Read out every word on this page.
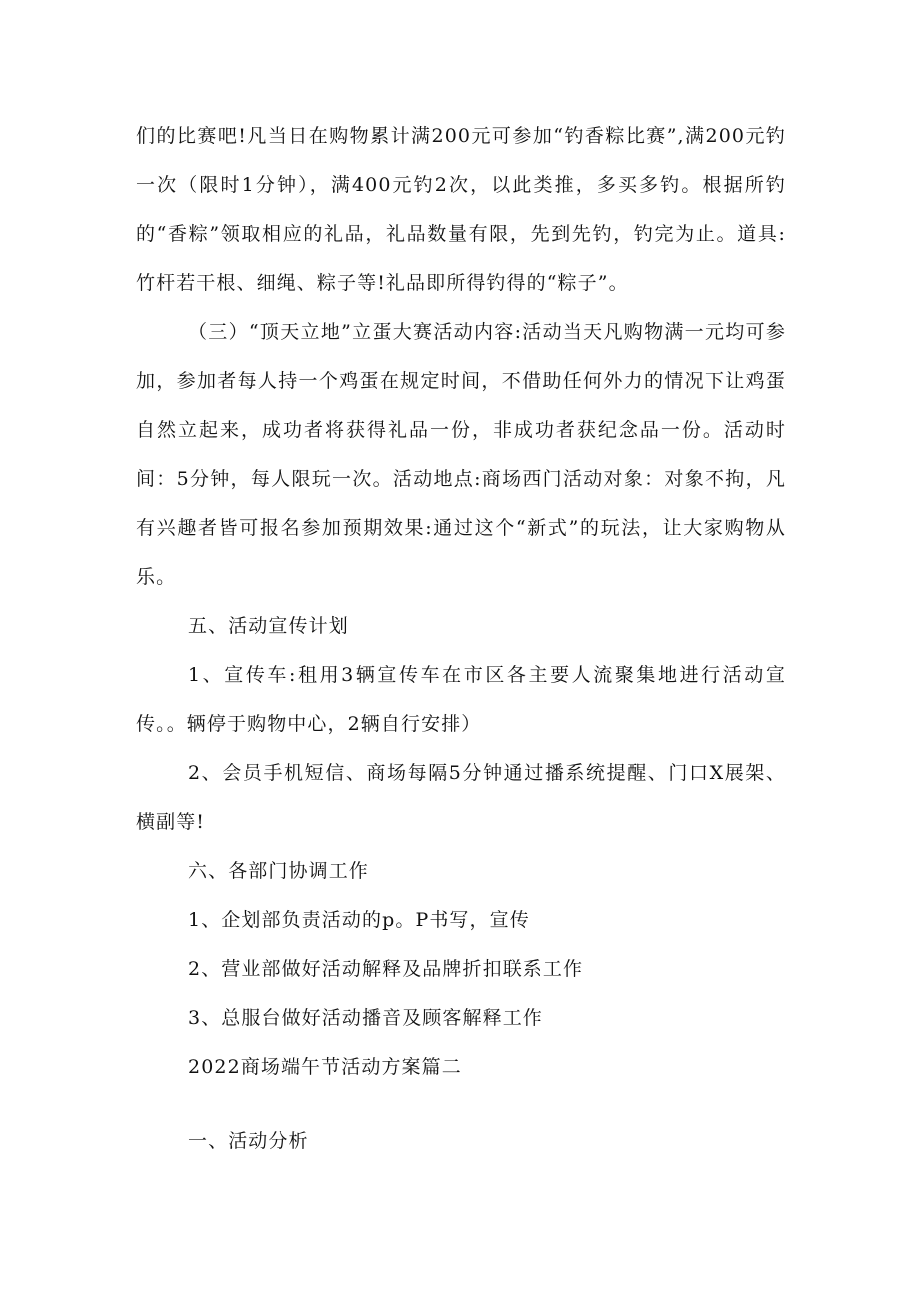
们的比赛吧!凡当日在购物累计满200元可参加“钓香粽比赛”,满200元钓一次（限时1分钟），满400元钓2次，以此类推，多买多钓。根据所钓的“香粽”领取相应的礼品，礼品数量有限，先到先钓，钓完为止。道具:竹杆若干根、细绳、粽子等!礼品即所得钓得的“粽子”。

（三）“顶天立地”立蛋大赛活动内容:活动当天凡购物满一元均可参加，参加者每人持一个鸡蛋在规定时间，不借助任何外力的情况下让鸡蛋自然立起来，成功者将获得礼品一份，非成功者获纪念品一份。活动时间：5分钟，每人限玩一次。活动地点:商场西门活动对象：对象不拘，凡有兴趣者皆可报名参加预期效果:通过这个“新式”的玩法，让大家购物从乐。

五、活动宣传计划

1、宣传车:租用3辆宣传车在市区各主要人流聚集地进行活动宣传。。辆停于购物中心，2辆自行安排）

2、会员手机短信、商场每隔5分钟通过播系统提醒、门口X展架、横副等!

六、各部门协调工作

1、企划部负责活动的p。P书写，宣传

2、营业部做好活动解释及品牌折扣联系工作

3、总服台做好活动播音及顾客解释工作

2022商场端午节活动方案篇二

一、活动分析
